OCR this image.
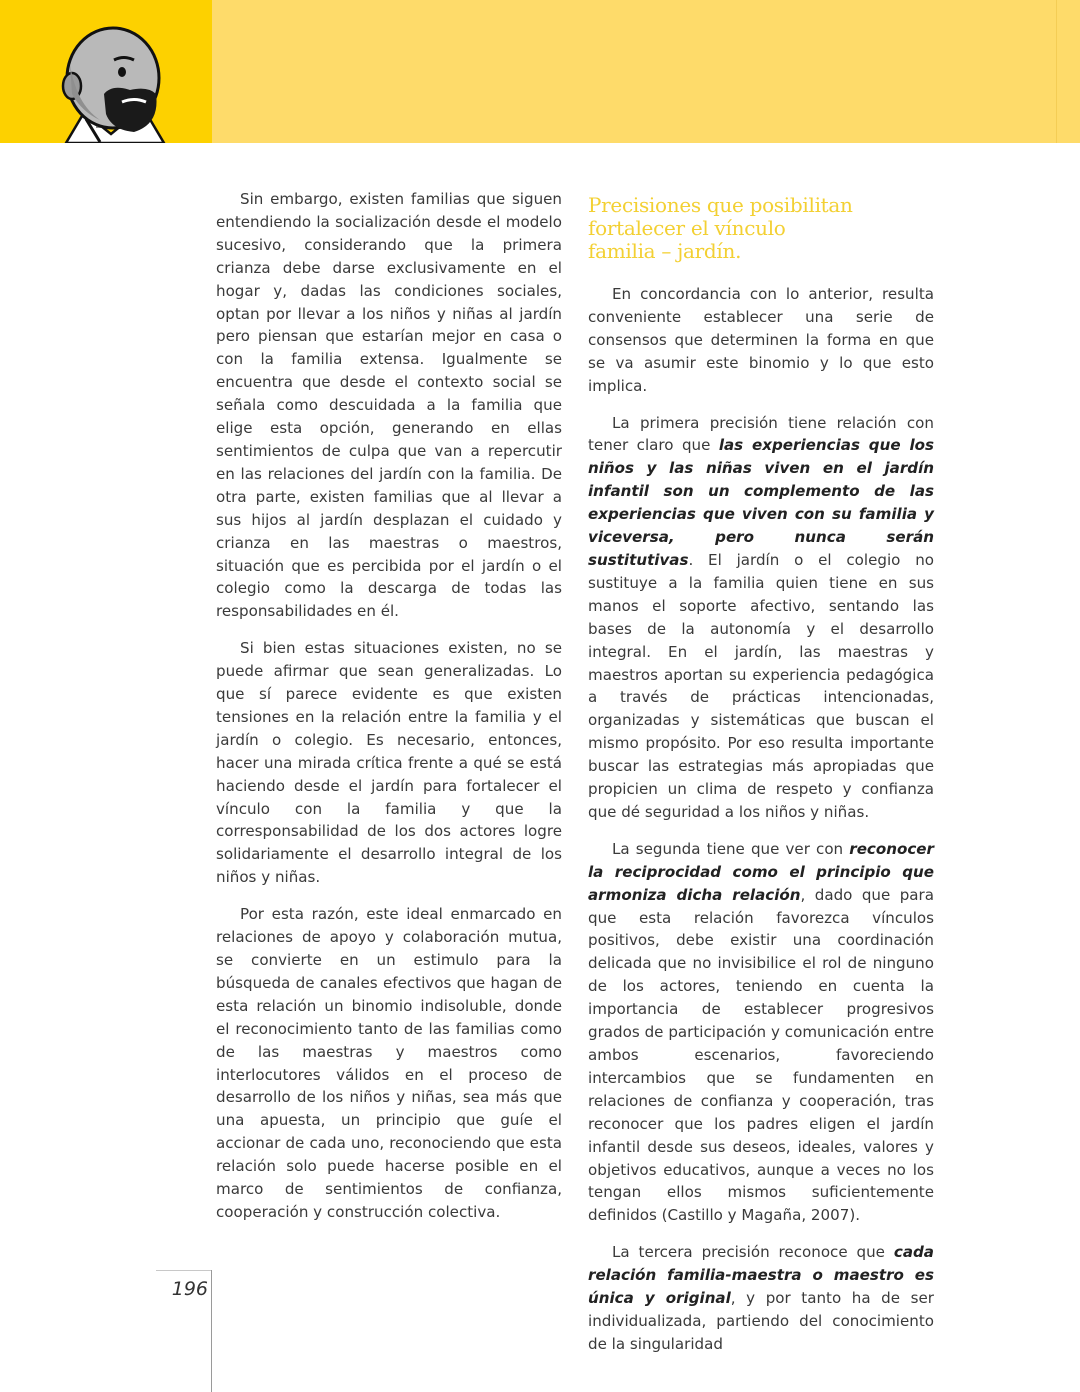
Sin embargo, existen familias que siguen entendiendo la socialización desde el modelo sucesivo, considerando que la primera crianza debe darse exclusivamente en el hogar y, dadas las condiciones sociales, optan por llevar a los niños y niñas al jardín pero piensan que estarían mejor en casa o con la familia extensa. Igualmente se encuentra que desde el contexto social se señala como descuidada a la familia que elige esta opción, generando en ellas sentimientos de culpa que van a repercutir en las relaciones del jardín con la familia. De otra parte, existen familias que al llevar a sus hijos al jardín desplazan el cuidado y crianza en las maestras o maestros, situación que es percibida por el jardín o el colegio como la descarga de todas las responsabilidades en él.

Si bien estas situaciones existen, no se puede afirmar que sean generalizadas. Lo que sí parece evidente es que existen tensiones en la relación entre la familia y el jardín o colegio. Es necesario, entonces, hacer una mirada crítica frente a qué se está haciendo desde el jardín para fortalecer el vínculo con la familia y que la corresponsabilidad de los dos actores logre solidariamente el desarrollo integral de los niños y niñas.

Por esta razón, este ideal enmarcado en relaciones de apoyo y colaboración mutua, se convierte en un estimulo para la búsqueda de canales efectivos que hagan de esta relación un binomio indisoluble, donde el reconocimiento tanto de las familias como de las maestras y maestros como interlocutores válidos en el proceso de desarrollo de los niños y niñas, sea más que una apuesta, un principio que guíe el accionar de cada uno, reconociendo que esta relación solo puede hacerse posible en el marco de sentimientos de confianza, cooperación y construcción colectiva.

Precisiones que posibilitan
fortalecer el vínculo
familia – jardín.

En concordancia con lo anterior, resulta conveniente establecer una serie de consensos que determinen la forma en que se va asumir este binomio y lo que esto implica.

La primera precisión tiene relación con tener claro que las experiencias que los niños y las niñas viven en el jardín infantil son un complemento de las experiencias que viven con su familia y viceversa, pero nunca serán sustitutivas. El jardín o el colegio no sustituye a la familia quien tiene en sus manos el soporte afectivo, sentando las bases de la autonomía y el desarrollo integral. En el jardín, las maestras y maestros aportan su experiencia pedagógica a través de prácticas intencionadas, organizadas y sistemáticas que buscan el mismo propósito. Por eso resulta importante buscar las estrategias más apropiadas que propicien un clima de respeto y confianza que dé seguridad a los niños y niñas.

La segunda tiene que ver con reconocer la reciprocidad como el principio que armoniza dicha relación, dado que para que esta relación favorezca vínculos positivos, debe existir una coordinación delicada que no invisibilice el rol de ninguno de los actores, teniendo en cuenta la importancia de establecer progresivos grados de participación y comunicación entre ambos escenarios, favoreciendo intercambios que se fundamenten en relaciones de confianza y cooperación, tras reconocer que los padres eligen el jardín infantil desde sus deseos, ideales, valores y objetivos educativos, aunque a veces no los tengan ellos mismos suficientemente definidos (Castillo y Magaña, 2007).

La tercera precisión reconoce que cada relación familia-maestra o maestro es única y original, y por tanto ha de ser individualizada, partiendo del conocimiento de la singularidad

196
